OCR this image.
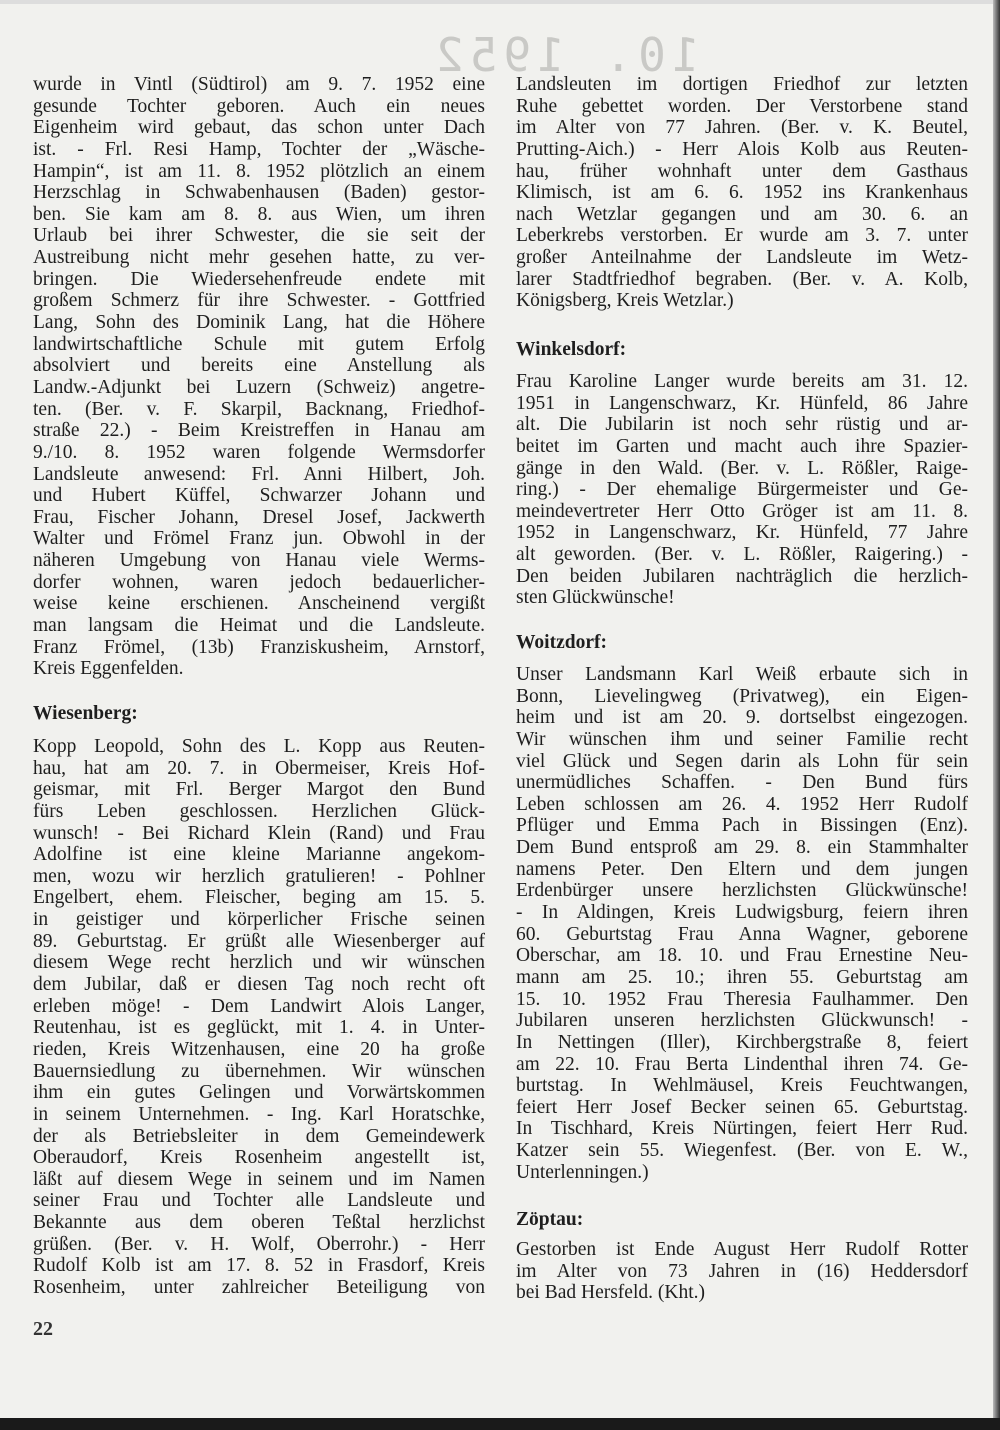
10. 1952
wurde in Vintl (Südtirol) am 9. 7. 1952 eine
gesunde Tochter geboren. Auch ein neues
Eigenheim wird gebaut, das schon unter Dach
ist. - Frl. Resi Hamp, Tochter der „Wäsche-
Hampin“, ist am 11. 8. 1952 plötzlich an einem
Herzschlag in Schwabenhausen (Baden) gestor-
ben. Sie kam am 8. 8. aus Wien, um ihren
Urlaub bei ihrer Schwester, die sie seit der
Austreibung nicht mehr gesehen hatte, zu ver-
bringen. Die Wiedersehenfreude endete mit
großem Schmerz für ihre Schwester. - Gottfried
Lang, Sohn des Dominik Lang, hat die Höhere
landwirtschaftliche Schule mit gutem Erfolg
absolviert und bereits eine Anstellung als
Landw.-Adjunkt bei Luzern (Schweiz) angetre-
ten. (Ber. v. F. Skarpil, Backnang, Friedhof-
straße 22.) - Beim Kreistreffen in Hanau am
9./10. 8. 1952 waren folgende Wermsdorfer
Landsleute anwesend: Frl. Anni Hilbert, Joh.
und Hubert Küffel, Schwarzer Johann und
Frau, Fischer Johann, Dresel Josef, Jackwerth
Walter und Frömel Franz jun. Obwohl in der
näheren Umgebung von Hanau viele Werms-
dorfer wohnen, waren jedoch bedauerlicher-
weise keine erschienen. Anscheinend vergißt
man langsam die Heimat und die Landsleute.
Franz Frömel, (13b) Franziskusheim, Arnstorf,
Kreis Eggenfelden.
Wiesenberg:
Kopp Leopold, Sohn des L. Kopp aus Reuten-
hau, hat am 20. 7. in Obermeiser, Kreis Hof-
geismar, mit Frl. Berger Margot den Bund
fürs Leben geschlossen. Herzlichen Glück-
wunsch! - Bei Richard Klein (Rand) und Frau
Adolfine ist eine kleine Marianne angekom-
men, wozu wir herzlich gratulieren! - Pohlner
Engelbert, ehem. Fleischer, beging am 15. 5.
in geistiger und körperlicher Frische seinen
89. Geburtstag. Er grüßt alle Wiesenberger auf
diesem Wege recht herzlich und wir wünschen
dem Jubilar, daß er diesen Tag noch recht oft
erleben möge! - Dem Landwirt Alois Langer,
Reutenhau, ist es geglückt, mit 1. 4. in Unter-
rieden, Kreis Witzenhausen, eine 20 ha große
Bauernsiedlung zu übernehmen. Wir wünschen
ihm ein gutes Gelingen und Vorwärtskommen
in seinem Unternehmen. - Ing. Karl Horatschke,
der als Betriebsleiter in dem Gemeindewerk
Oberaudorf, Kreis Rosenheim angestellt ist,
läßt auf diesem Wege in seinem und im Namen
seiner Frau und Tochter alle Landsleute und
Bekannte aus dem oberen Teßtal herzlichst
grüßen. (Ber. v. H. Wolf, Oberrohr.) - Herr
Rudolf Kolb ist am 17. 8. 52 in Frasdorf, Kreis
Rosenheim, unter zahlreicher Beteiligung von
Landsleuten im dortigen Friedhof zur letzten
Ruhe gebettet worden. Der Verstorbene stand
im Alter von 77 Jahren. (Ber. v. K. Beutel,
Prutting-Aich.) - Herr Alois Kolb aus Reuten-
hau, früher wohnhaft unter dem Gasthaus
Klimisch, ist am 6. 6. 1952 ins Krankenhaus
nach Wetzlar gegangen und am 30. 6. an
Leberkrebs verstorben. Er wurde am 3. 7. unter
großer Anteilnahme der Landsleute im Wetz-
larer Stadtfriedhof begraben. (Ber. v. A. Kolb,
Königsberg, Kreis Wetzlar.)
Winkelsdorf:
Frau Karoline Langer wurde bereits am 31. 12.
1951 in Langenschwarz, Kr. Hünfeld, 86 Jahre
alt. Die Jubilarin ist noch sehr rüstig und ar-
beitet im Garten und macht auch ihre Spazier-
gänge in den Wald. (Ber. v. L. Rößler, Raige-
ring.) - Der ehemalige Bürgermeister und Ge-
meindevertreter Herr Otto Gröger ist am 11. 8.
1952 in Langenschwarz, Kr. Hünfeld, 77 Jahre
alt geworden. (Ber. v. L. Rößler, Raigering.) -
Den beiden Jubilaren nachträglich die herzlich-
sten Glückwünsche!
Woitzdorf:
Unser Landsmann Karl Weiß erbaute sich in
Bonn, Lievelingweg (Privatweg), ein Eigen-
heim und ist am 20. 9. dortselbst eingezogen.
Wir wünschen ihm und seiner Familie recht
viel Glück und Segen darin als Lohn für sein
unermüdliches Schaffen. - Den Bund fürs
Leben schlossen am 26. 4. 1952 Herr Rudolf
Pflüger und Emma Pach in Bissingen (Enz).
Dem Bund entsproß am 29. 8. ein Stammhalter
namens Peter. Den Eltern und dem jungen
Erdenbürger unsere herzlichsten Glückwünsche!
- In Aldingen, Kreis Ludwigsburg, feiern ihren
60. Geburtstag Frau Anna Wagner, geborene
Oberschar, am 18. 10. und Frau Ernestine Neu-
mann am 25. 10.; ihren 55. Geburtstag am
15. 10. 1952 Frau Theresia Faulhammer. Den
Jubilaren unseren herzlichsten Glückwunsch! -
In Nettingen (Iller), Kirchbergstraße 8, feiert
am 22. 10. Frau Berta Lindenthal ihren 74. Ge-
burtstag. In Wehlmäusel, Kreis Feuchtwangen,
feiert Herr Josef Becker seinen 65. Geburtstag.
In Tischhard, Kreis Nürtingen, feiert Herr Rud.
Katzer sein 55. Wiegenfest. (Ber. von E. W.,
Unterlenningen.)
Zöptau:
Gestorben ist Ende August Herr Rudolf Rotter
im Alter von 73 Jahren in (16) Heddersdorf
bei Bad Hersfeld. (Kht.)
22
